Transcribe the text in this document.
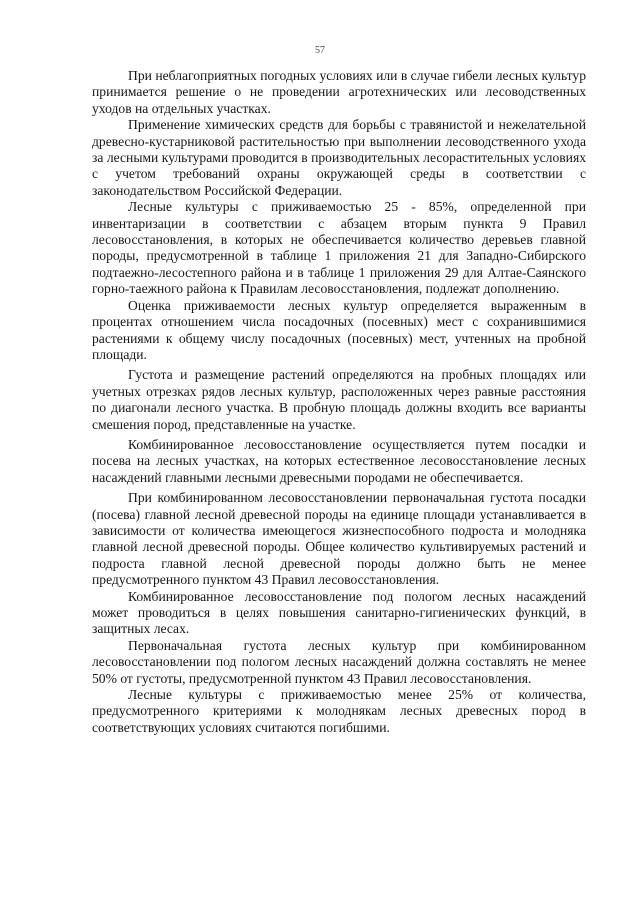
57

При неблагоприятных погодных условиях или в случае гибели лесных культур принимается решение о не проведении агротехнических или лесоводственных уходов на отдельных участках.

Применение химических средств для борьбы с травянистой и нежелательной древесно-кустарниковой растительностью при выполнении лесоводственного ухода за лесными культурами проводится в производительных лесорастительных условиях с учетом требований охраны окружающей среды в соответствии с законодательством Российской Федерации.

Лесные культуры с приживаемостью 25 - 85%, определенной при инвентаризации в соответствии с абзацем вторым пункта 9 Правил лесовосстановления, в которых не обеспечивается количество деревьев главной породы, предусмотренной в таблице 1 приложения 21 для Западно-Сибирского подтаежно-лесостепного района и в таблице 1 приложения 29 для Алтае-Саянского горно-таежного района к Правилам лесовосстановления, подлежат дополнению.

Оценка приживаемости лесных культур определяется выраженным в процентах отношением числа посадочных (посевных) мест с сохранившимися растениями к общему числу посадочных (посевных) мест, учтенных на пробной площади.

Густота и размещение растений определяются на пробных площадях или учетных отрезках рядов лесных культур, расположенных через равные расстояния по диагонали лесного участка. В пробную площадь должны входить все варианты смешения пород, представленные на участке.

Комбинированное лесовосстановление осуществляется путем посадки и посева на лесных участках, на которых естественное лесовосстановление лесных насаждений главными лесными древесными породами не обеспечивается.

При комбинированном лесовосстановлении первоначальная густота посадки (посева) главной лесной древесной породы на единице площади устанавливается в зависимости от количества имеющегося жизнеспособного подроста и молодняка главной лесной древесной породы. Общее количество культивируемых растений и подроста главной лесной древесной породы должно быть не менее предусмотренного пунктом 43 Правил лесовосстановления.

Комбинированное лесовосстановление под пологом лесных насаждений может проводиться в целях повышения санитарно-гигиенических функций, в защитных лесах.

Первоначальная густота лесных культур при комбинированном лесовосстановлении под пологом лесных насаждений должна составлять не менее 50% от густоты, предусмотренной пунктом 43 Правил лесовосстановления.

Лесные культуры с приживаемостью менее 25% от количества, предусмотренного критериями к молоднякам лесных древесных пород в соответствующих условиях считаются погибшими.
